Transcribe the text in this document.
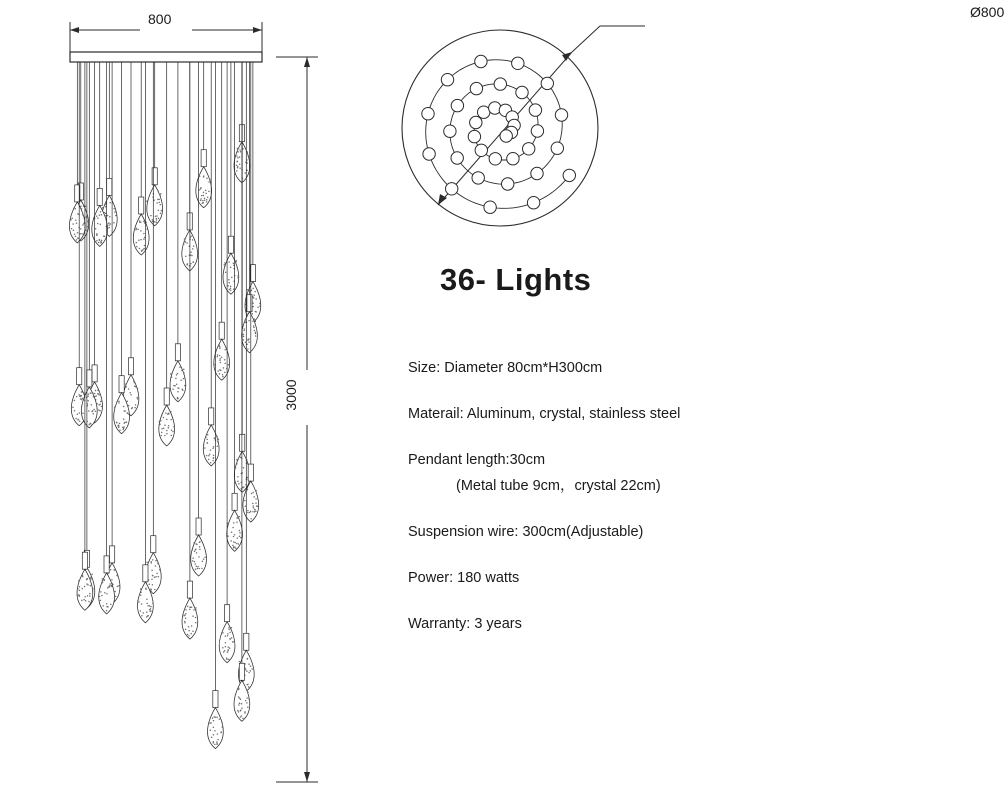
800
3000
Ø800
36- Lights
Size: Diameter 80cm*H300cm
Materail: Aluminum, crystal, stainless steel
Pendant length:30cm
(Metal tube 9cm，crystal 22cm)
Suspension wire: 300cm(Adjustable)
Power: 180 watts
Warranty: 3 years
